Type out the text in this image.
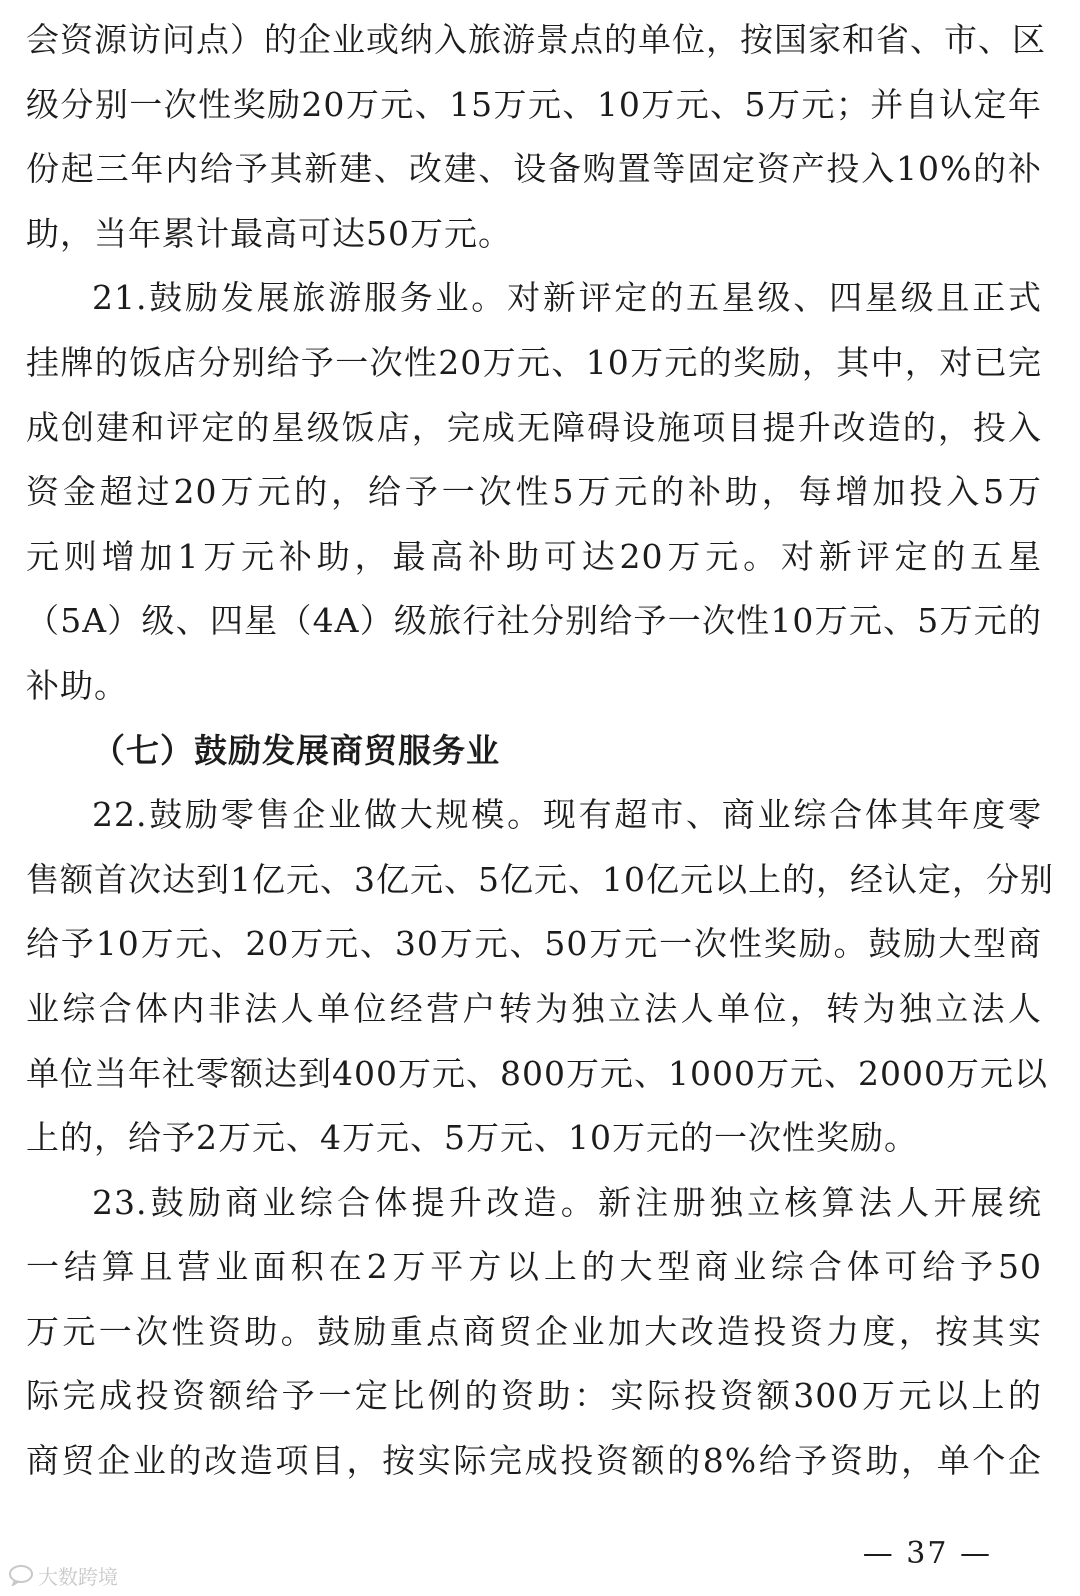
会资源访问点）的企业或纳入旅游景点的单位，按国家和省、市、区
级分别一次性奖励20万元、15万元、10万元、5万元；并自认定年
份起三年内给予其新建、改建、设备购置等固定资产投入10%的补
助，当年累计最高可达50万元。
21.鼓励发展旅游服务业。对新评定的五星级、四星级且正式
挂牌的饭店分别给予一次性20万元、10万元的奖励，其中，对已完
成创建和评定的星级饭店，完成无障碍设施项目提升改造的，投入
资金超过20万元的，给予一次性5万元的补助，每增加投入5万
元则增加1万元补助，最高补助可达20万元。对新评定的五星
（5A）级、四星（4A）级旅行社分别给予一次性10万元、5万元的
补助。
（七）鼓励发展商贸服务业
22.鼓励零售企业做大规模。现有超市、商业综合体其年度零
售额首次达到1亿元、3亿元、5亿元、10亿元以上的，经认定，分别
给予10万元、20万元、30万元、50万元一次性奖励。鼓励大型商
业综合体内非法人单位经营户转为独立法人单位，转为独立法人
单位当年社零额达到400万元、800万元、1000万元、2000万元以
上的，给予2万元、4万元、5万元、10万元的一次性奖励。
23.鼓励商业综合体提升改造。新注册独立核算法人开展统
一结算且营业面积在2万平方以上的大型商业综合体可给予50
万元一次性资助。鼓励重点商贸企业加大改造投资力度，按其实
际完成投资额给予一定比例的资助：实际投资额300万元以上的
商贸企业的改造项目，按实际完成投资额的8%给予资助，单个企
— 37 —
大数跨境
